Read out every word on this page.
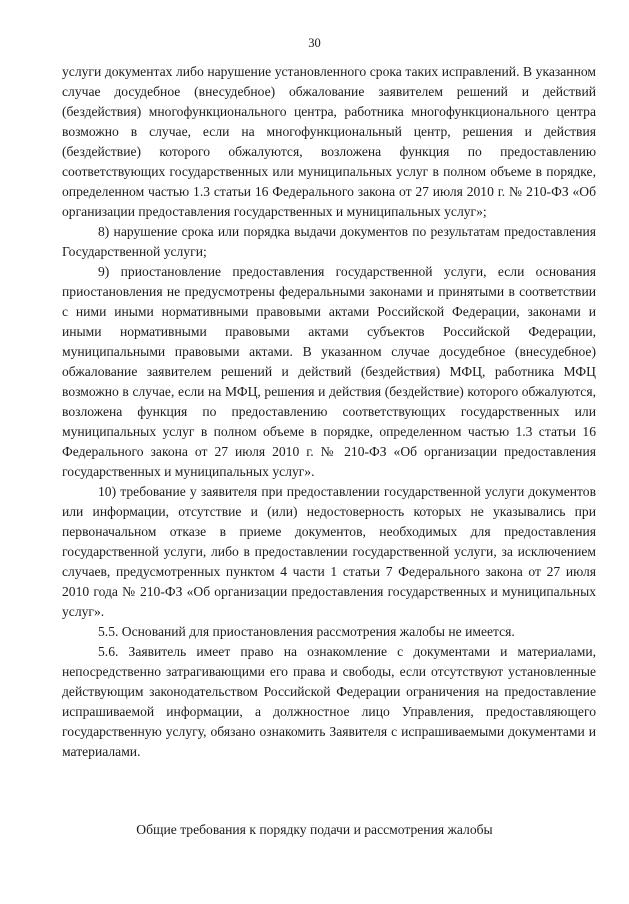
30

услуги документах либо нарушение установленного срока таких исправлений. В указанном случае досудебное (внесудебное) обжалование заявителем решений и действий (бездействия) многофункционального центра, работника многофункционального центра возможно в случае, если на многофункциональный центр, решения и действия (бездействие) которого обжалуются, возложена функция по предоставлению соответствующих государственных или муниципальных услуг в полном объеме в порядке, определенном частью 1.3 статьи 16 Федерального закона от 27 июля 2010 г. № 210-ФЗ «Об организации предоставления государственных и муниципальных услуг»;

8) нарушение срока или порядка выдачи документов по результатам предоставления Государственной услуги;

9) приостановление предоставления государственной услуги, если основания приостановления не предусмотрены федеральными законами и принятыми в соответствии с ними иными нормативными правовыми актами Российской Федерации, законами и иными нормативными правовыми актами субъектов Российской Федерации, муниципальными правовыми актами. В указанном случае досудебное (внесудебное) обжалование заявителем решений и действий (бездействия) МФЦ, работника МФЦ возможно в случае, если на МФЦ, решения и действия (бездействие) которого обжалуются, возложена функция по предоставлению соответствующих государственных или муниципальных услуг в полном объеме в порядке, определенном частью 1.3 статьи 16 Федерального закона от 27 июля 2010 г. № 210-ФЗ «Об организации предоставления государственных и муниципальных услуг».

10) требование у заявителя при предоставлении государственной услуги документов или информации, отсутствие и (или) недостоверность которых не указывались при первоначальном отказе в приеме документов, необходимых для предоставления государственной услуги, либо в предоставлении государственной услуги, за исключением случаев, предусмотренных пунктом 4 части 1 статьи 7 Федерального закона от 27 июля 2010 года № 210-ФЗ «Об организации предоставления государственных и муниципальных услуг».

5.5. Оснований для приостановления рассмотрения жалобы не имеется.

5.6. Заявитель имеет право на ознакомление с документами и материалами, непосредственно затрагивающими его права и свободы, если отсутствуют установленные действующим законодательством Российской Федерации ограничения на предоставление испрашиваемой информации, а должностное лицо Управления, предоставляющего государственную услугу, обязано ознакомить Заявителя с испрашиваемыми документами и материалами.

Общие требования к порядку подачи и рассмотрения жалобы
